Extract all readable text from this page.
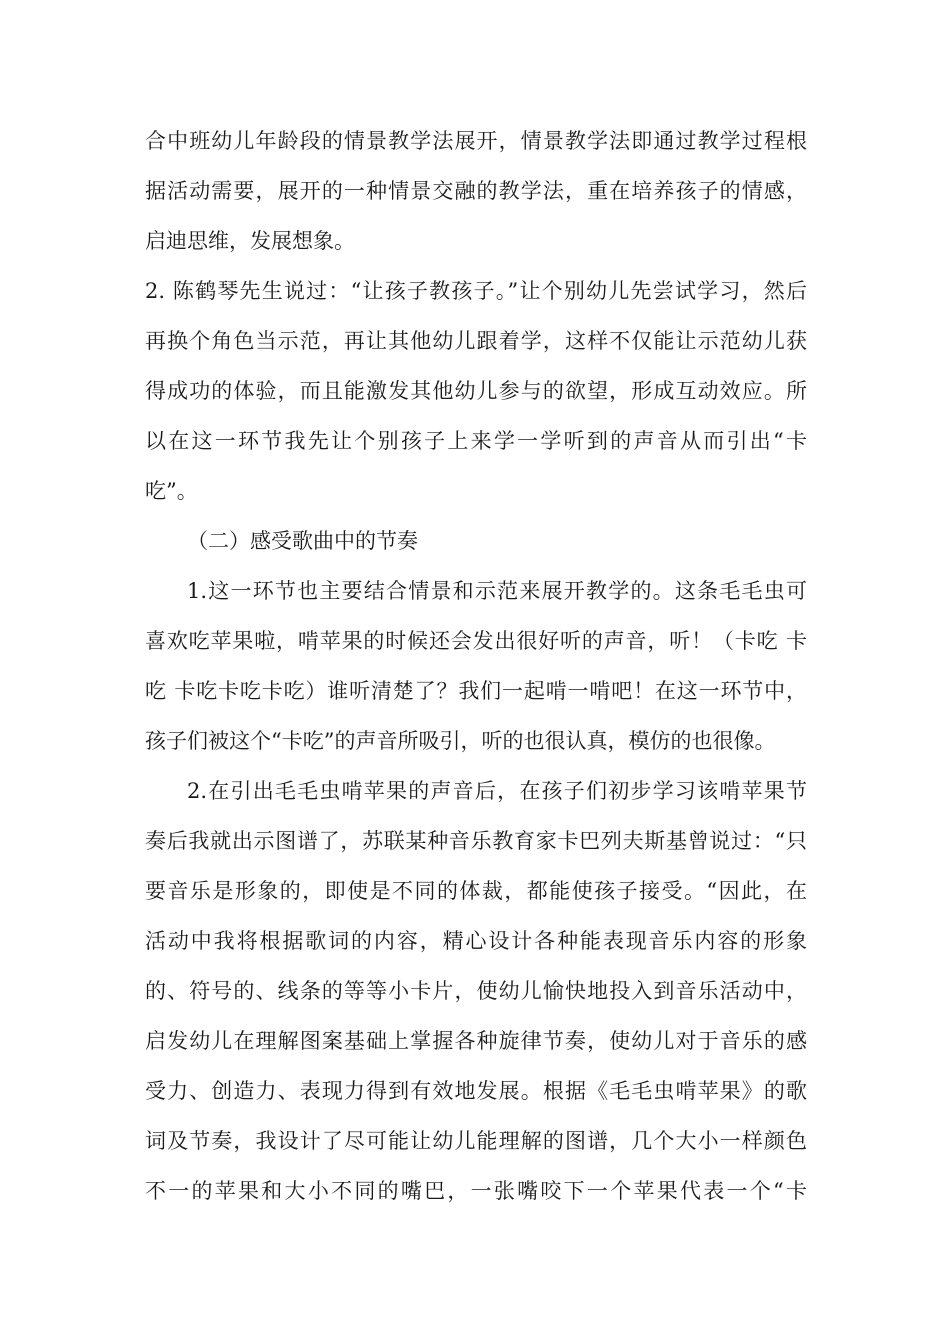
合中班幼儿年龄段的情景教学法展开，情景教学法即通过教学过程根
据活动需要，展开的一种情景交融的教学法，重在培养孩子的情感，
启迪思维，发展想象。
2. 陈鹤琴先生说过：“让孩子教孩子。”让个别幼儿先尝试学习，然后
再换个角色当示范，再让其他幼儿跟着学，这样不仅能让示范幼儿获
得成功的体验，而且能激发其他幼儿参与的欲望，形成互动效应。所
以在这一环节我先让个别孩子上来学一学听到的声音从而引出“卡
吃”。
（二）感受歌曲中的节奏
1.这一环节也主要结合情景和示范来展开教学的。这条毛毛虫可
喜欢吃苹果啦，啃苹果的时候还会发出很好听的声音，听！（卡吃 卡
吃 卡吃卡吃卡吃）谁听清楚了？我们一起啃一啃吧！在这一环节中，
孩子们被这个“卡吃”的声音所吸引，听的也很认真，模仿的也很像。
2.在引出毛毛虫啃苹果的声音后，在孩子们初步学习该啃苹果节
奏后我就出示图谱了，苏联某种音乐教育家卡巴列夫斯基曾说过：“只
要音乐是形象的，即使是不同的体裁，都能使孩子接受。“因此，在
活动中我将根据歌词的内容，精心设计各种能表现音乐内容的形象
的、符号的、线条的等等小卡片，使幼儿愉快地投入到音乐活动中，
启发幼儿在理解图案基础上掌握各种旋律节奏，使幼儿对于音乐的感
受力、创造力、表现力得到有效地发展。根据《毛毛虫啃苹果》的歌
词及节奏，我设计了尽可能让幼儿能理解的图谱，几个大小一样颜色
不一的苹果和大小不同的嘴巴，一张嘴咬下一个苹果代表一个“卡
